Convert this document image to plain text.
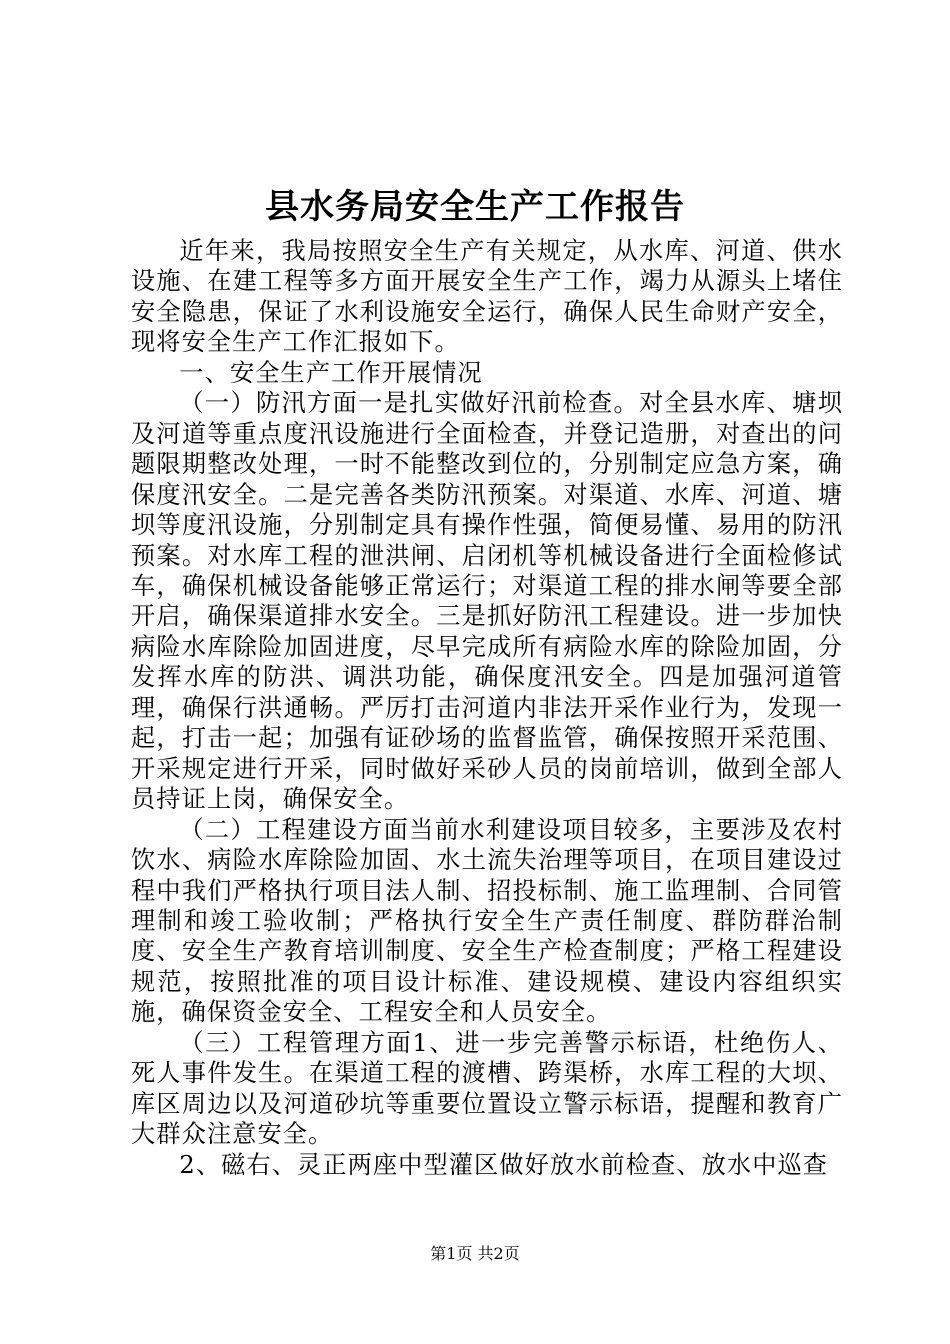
县水务局安全生产工作报告

近年来，我局按照安全生产有关规定，从水库、河道、供水设施、在建工程等多方面开展安全生产工作，竭力从源头上堵住安全隐患，保证了水利设施安全运行，确保人民生命财产安全，现将安全生产工作汇报如下。

一、安全生产工作开展情况

（一）防汛方面一是扎实做好汛前检查。对全县水库、塘坝及河道等重点度汛设施进行全面检查，并登记造册，对查出的问题限期整改处理，一时不能整改到位的，分别制定应急方案，确保度汛安全。二是完善各类防汛预案。对渠道、水库、河道、塘坝等度汛设施，分别制定具有操作性强，简便易懂、易用的防汛预案。对水库工程的泄洪闸、启闭机等机械设备进行全面检修试车，确保机械设备能够正常运行；对渠道工程的排水闸等要全部开启，确保渠道排水安全。三是抓好防汛工程建设。进一步加快病险水库除险加固进度，尽早完成所有病险水库的除险加固，分发挥水库的防洪、调洪功能，确保度汛安全。四是加强河道管理，确保行洪通畅。严厉打击河道内非法开采作业行为，发现一起，打击一起；加强有证砂场的监督监管，确保按照开采范围、开采规定进行开采，同时做好采砂人员的岗前培训，做到全部人员持证上岗，确保安全。

（二）工程建设方面当前水利建设项目较多，主要涉及农村饮水、病险水库除险加固、水土流失治理等项目，在项目建设过程中我们严格执行项目法人制、招投标制、施工监理制、合同管理制和竣工验收制；严格执行安全生产责任制度、群防群治制度、安全生产教育培训制度、安全生产检查制度；严格工程建设规范，按照批准的项目设计标准、建设规模、建设内容组织实施，确保资金安全、工程安全和人员安全。

（三）工程管理方面1、进一步完善警示标语，杜绝伤人、死人事件发生。在渠道工程的渡槽、跨渠桥，水库工程的大坝、库区周边以及河道砂坑等重要位置设立警示标语，提醒和教育广大群众注意安全。

2、磁右、灵正两座中型灌区做好放水前检查、放水中巡查

第1页 共2页
